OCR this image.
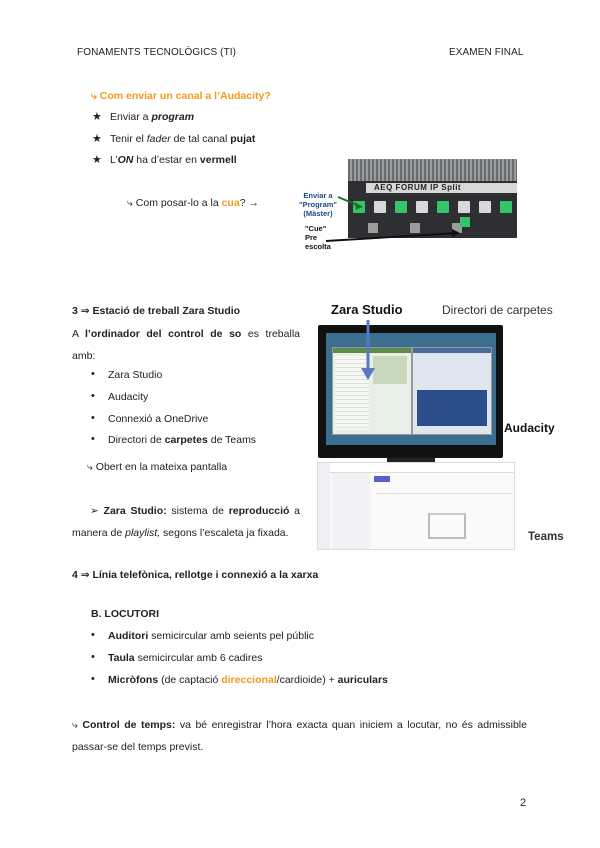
FONAMENTS TECNOLÒGICS (TI)	EXAMEN FINAL
⤷ Com enviar un canal a l’Audacity?
★ Enviar a program
★ Tenir el fader de tal canal pujat
★ L’ON ha d’estar en vermell
⤷ Com posar-lo a la cua? →
AEQ FORUM IP Split
Enviar a "Program" (Màster)
"Cue" Pre escolta
3 ⇒ Estació de treball Zara Studio
A l’ordinador del control de so es treballa amb:
• Zara Studio
• Audacity
• Connexió a OneDrive
• Directori de carpetes de Teams
⤷ Obert en la mateixa pantalla
➢ Zara Studio: sistema de reproducció a manera de playlist, segons l’escaleta ja fixada.
Zara Studio	Directori de carpetes
Audacity
Teams
4 ⇒ Línia telefònica, rellotge i connexió a la xarxa
B. LOCUTORI
• Auditori semicircular amb seients pel públic
• Taula semicircular amb 6 cadires
• Micròfons (de captació direccional/cardioide) + auriculars
⤷ Control de temps: va bé enregistrar l’hora exacta quan iniciem a locutar, no és admissible passar-se del temps previst.
2
